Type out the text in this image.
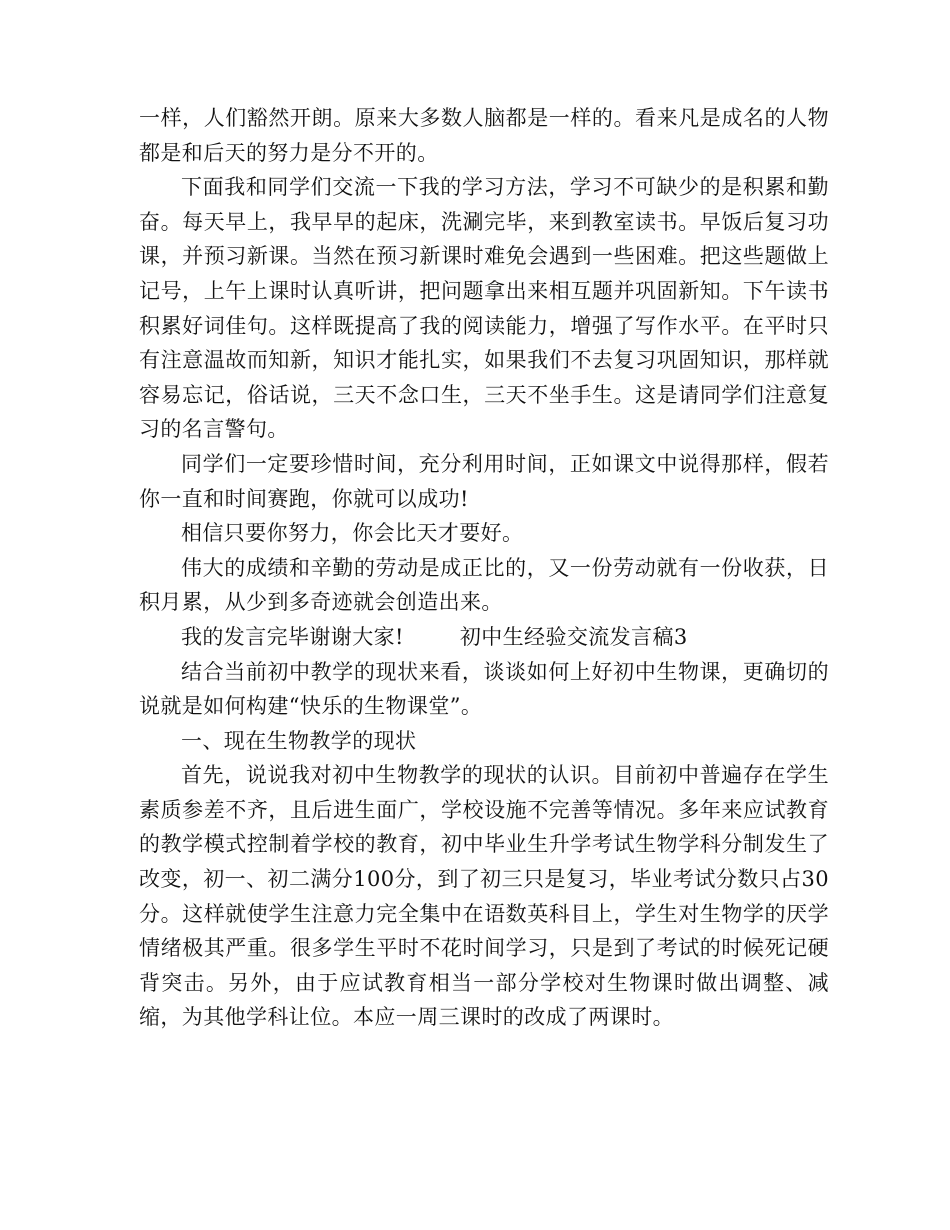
一样，人们豁然开朗。原来大多数人脑都是一样的。看来凡是成名的人物都是和后天的努力是分不开的。

下面我和同学们交流一下我的学习方法，学习不可缺少的是积累和勤奋。每天早上，我早早的起床，洗涮完毕，来到教室读书。早饭后复习功课，并预习新课。当然在预习新课时难免会遇到一些困难。把这些题做上记号，上午上课时认真听讲，把问题拿出来相互题并巩固新知。下午读书积累好词佳句。这样既提高了我的阅读能力，增强了写作水平。在平时只有注意温故而知新，知识才能扎实，如果我们不去复习巩固知识，那样就容易忘记，俗话说，三天不念口生，三天不坐手生。这是请同学们注意复习的名言警句。

同学们一定要珍惜时间，充分利用时间，正如课文中说得那样，假若你一直和时间赛跑，你就可以成功!

相信只要你努力，你会比天才要好。

伟大的成绩和辛勤的劳动是成正比的，又一份劳动就有一份收获，日积月累，从少到多奇迹就会创造出来。

我的发言完毕谢谢大家!	初中生经验交流发言稿3

结合当前初中教学的现状来看，谈谈如何上好初中生物课，更确切的说就是如何构建“快乐的生物课堂”。

一、现在生物教学的现状

首先，说说我对初中生物教学的现状的认识。目前初中普遍存在学生素质参差不齐，且后进生面广，学校设施不完善等情况。多年来应试教育的教学模式控制着学校的教育，初中毕业生升学考试生物学科分制发生了改变，初一、初二满分100分，到了初三只是复习，毕业考试分数只占30分。这样就使学生注意力完全集中在语数英科目上，学生对生物学的厌学情绪极其严重。很多学生平时不花时间学习，只是到了考试的时候死记硬背突击。另外，由于应试教育相当一部分学校对生物课时做出调整、减缩，为其他学科让位。本应一周三课时的改成了两课时。
